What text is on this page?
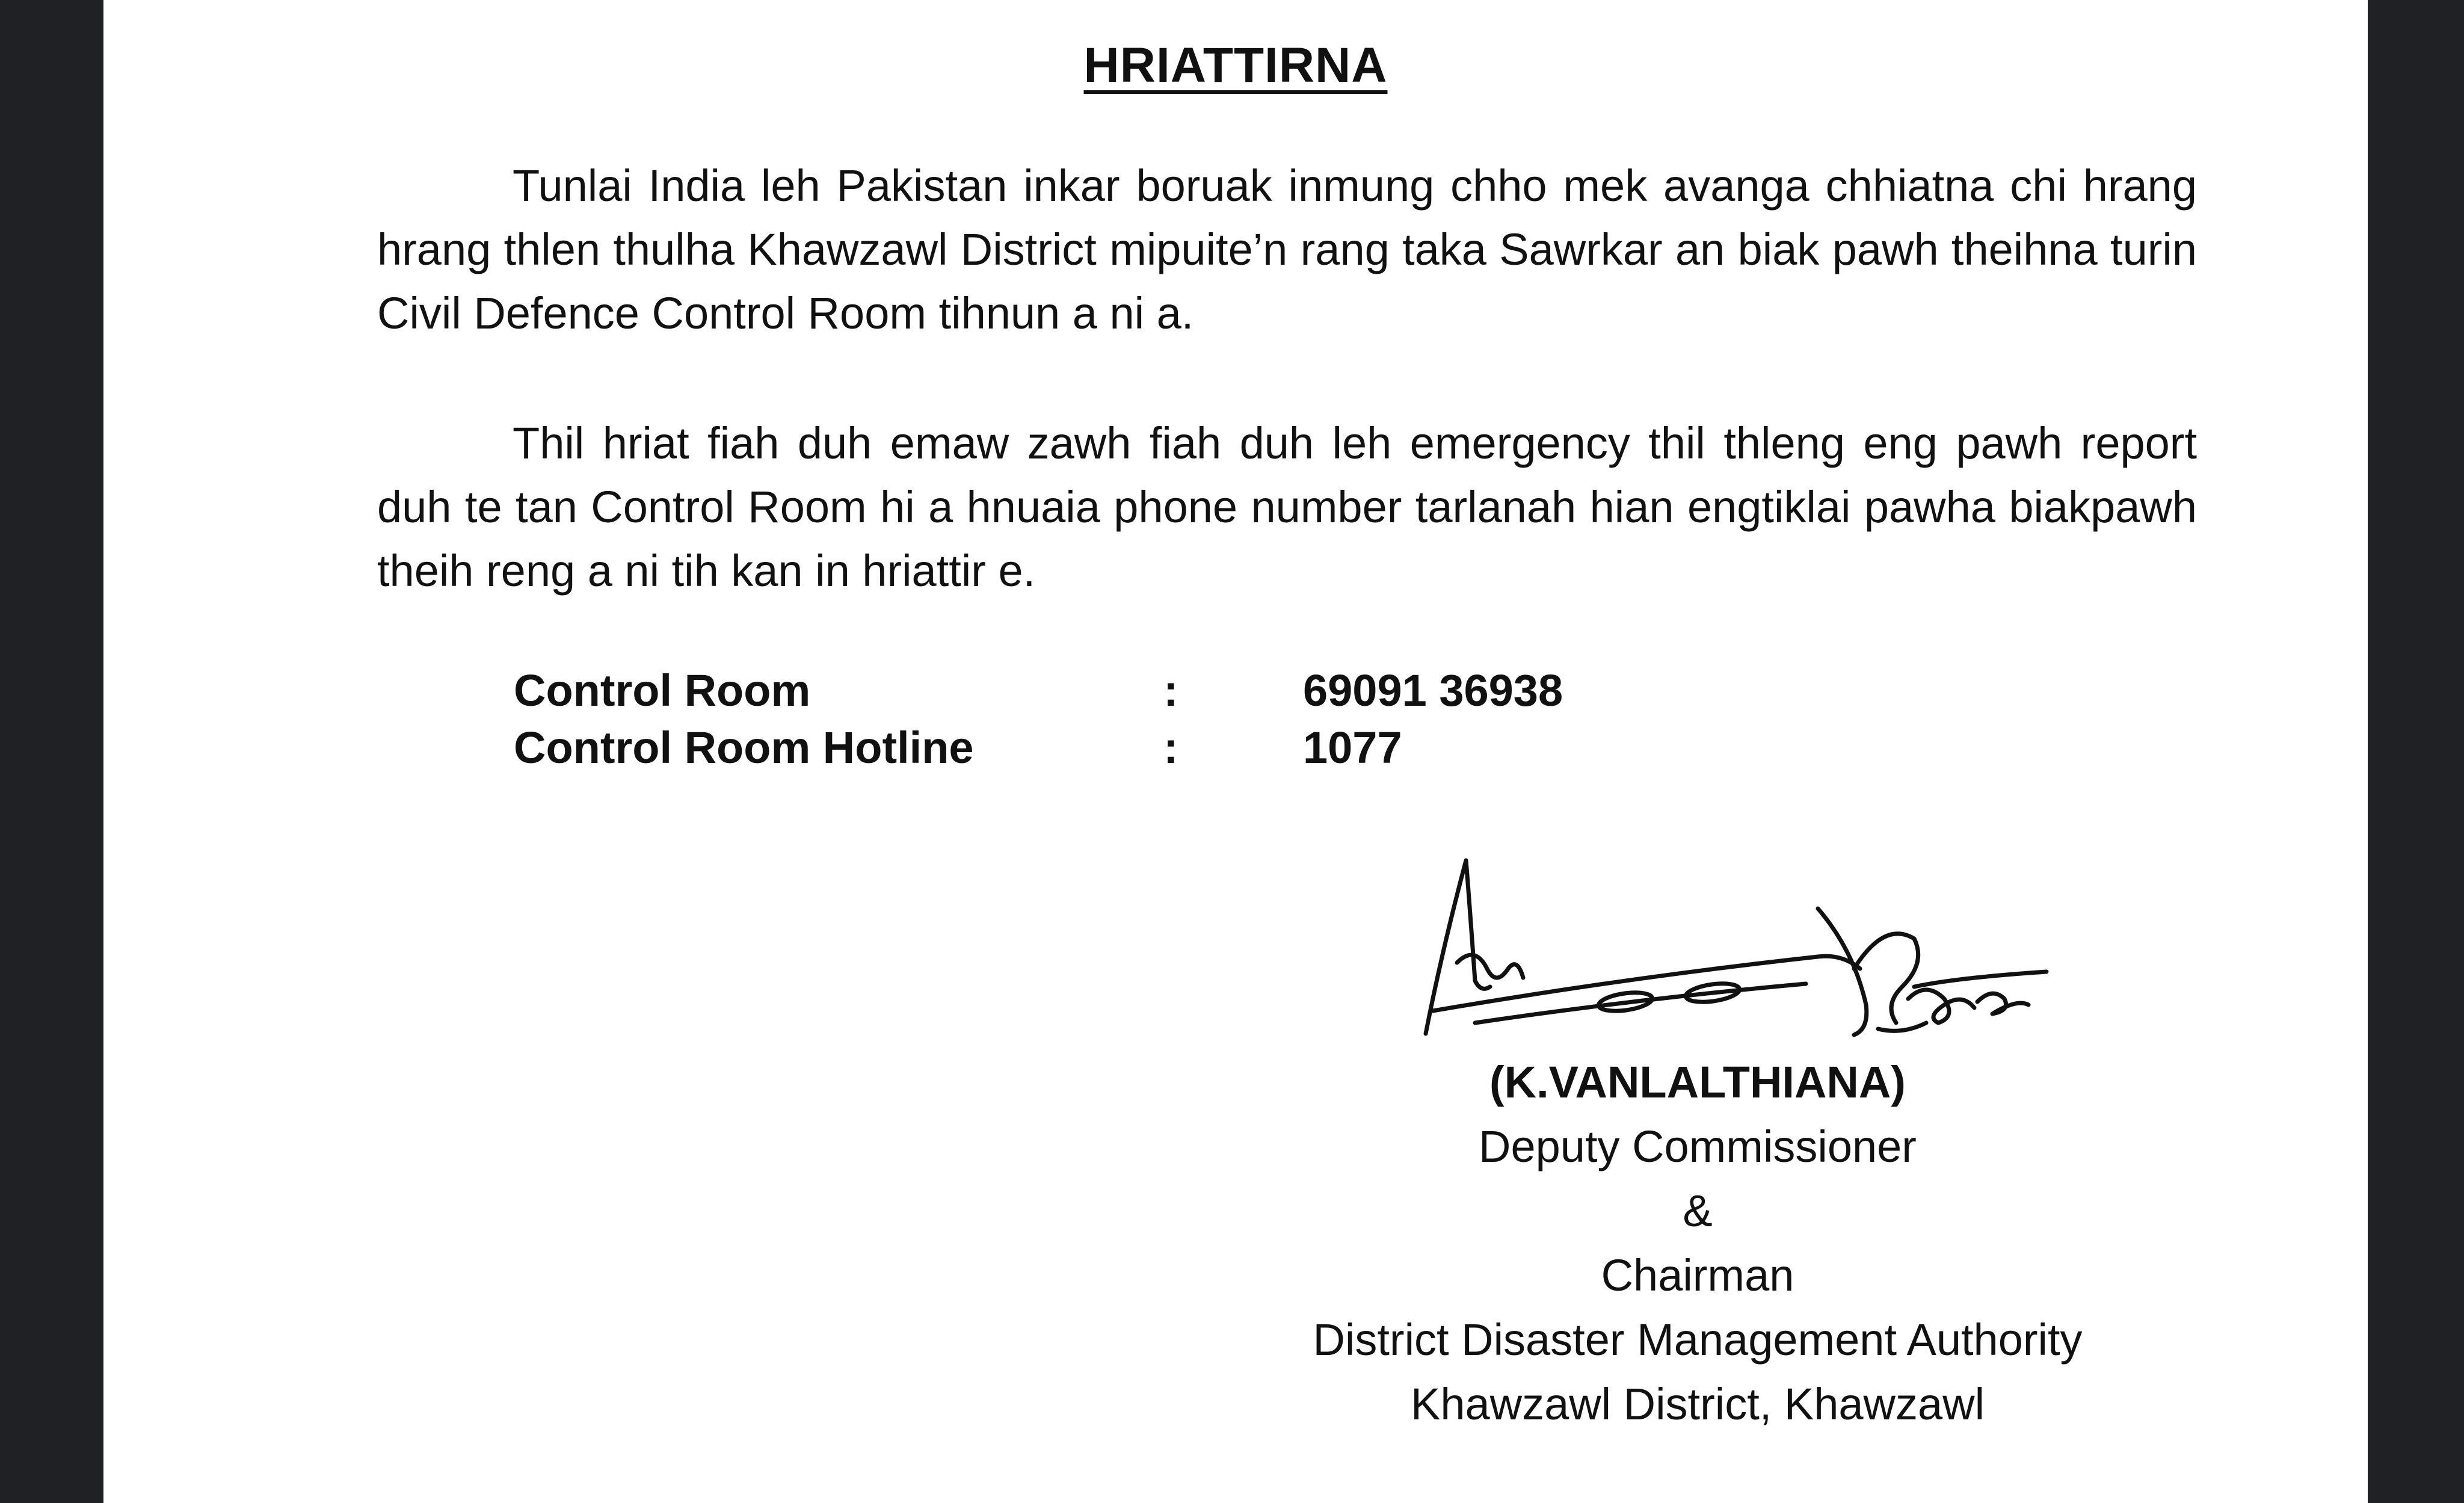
HRIATTIRNA

Tunlai India leh Pakistan inkar boruak inmung chho mek avanga chhiatna chi hrang hrang thlen thulha Khawzawl District mipuite’n rang taka Sawrkar an biak pawh theihna turin Civil Defence Control Room tihnun a ni a.

Thil hriat fiah duh emaw zawh fiah duh leh emergency thil thleng eng pawh report duh te tan Control Room hi a hnuaia phone number tarlanah hian engtiklai pawha biakpawh theih reng a ni tih kan in hriattir e.

Control Room	:	69091 36938
Control Room Hotline	:	1077
(K.VANLALTHIANA)
Deputy Commissioner
&
Chairman
District Disaster Management Authority
Khawzawl District, Khawzawl
